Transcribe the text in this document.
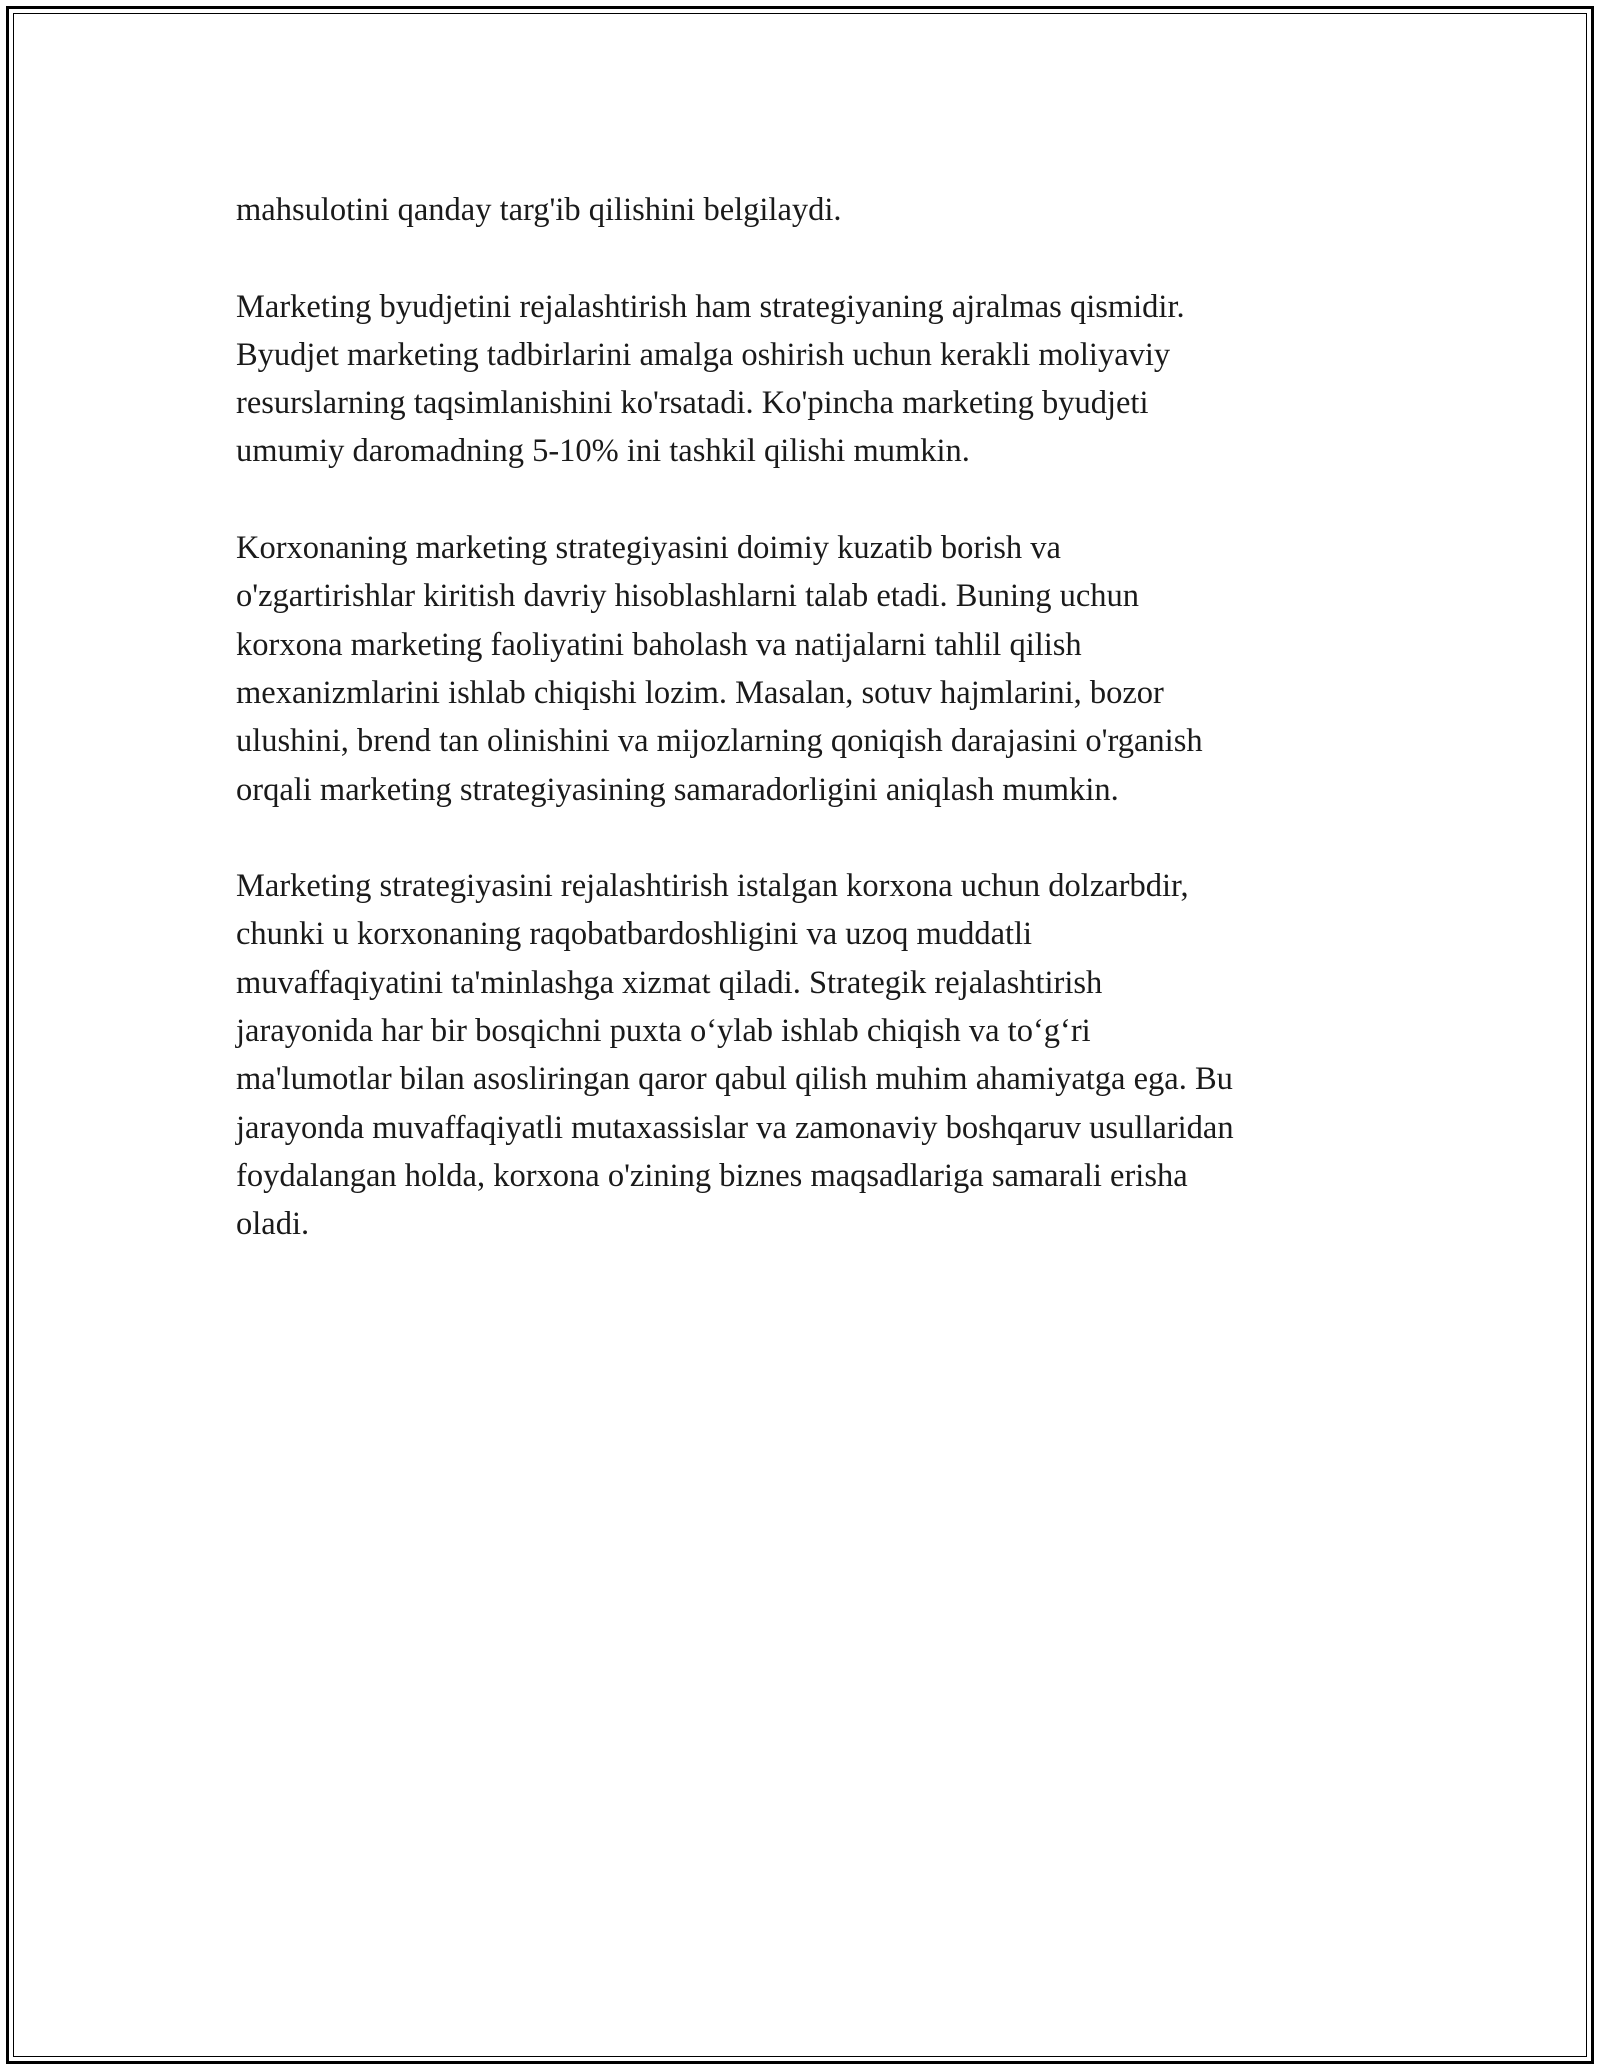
mahsulotini qanday targ'ib qilishini belgilaydi.

Marketing byudjetini rejalashtirish ham strategiyaning ajralmas qismidir.
Byudjet marketing tadbirlarini amalga oshirish uchun kerakli moliyaviy
resurslarning taqsimlanishini ko'rsatadi. Ko'pincha marketing byudjeti
umumiy daromadning 5-10% ini tashkil qilishi mumkin.

Korxonaning marketing strategiyasini doimiy kuzatib borish va
o'zgartirishlar kiritish davriy hisoblashlarni talab etadi. Buning uchun
korxona marketing faoliyatini baholash va natijalarni tahlil qilish
mexanizmlarini ishlab chiqishi lozim. Masalan, sotuv hajmlarini, bozor
ulushini, brend tan olinishini va mijozlarning qoniqish darajasini o'rganish
orqali marketing strategiyasining samaradorligini aniqlash mumkin.

Marketing strategiyasini rejalashtirish istalgan korxona uchun dolzarbdir,
chunki u korxonaning raqobatbardoshligini va uzoq muddatli
muvaffaqiyatini ta'minlashga xizmat qiladi. Strategik rejalashtirish
jarayonida har bir bosqichni puxta o‘ylab ishlab chiqish va to‘g‘ri
ma'lumotlar bilan asosliringan qaror qabul qilish muhim ahamiyatga ega. Bu
jarayonda muvaffaqiyatli mutaxassislar va zamonaviy boshqaruv usullaridan
foydalangan holda, korxona o'zining biznes maqsadlariga samarali erisha
oladi.
